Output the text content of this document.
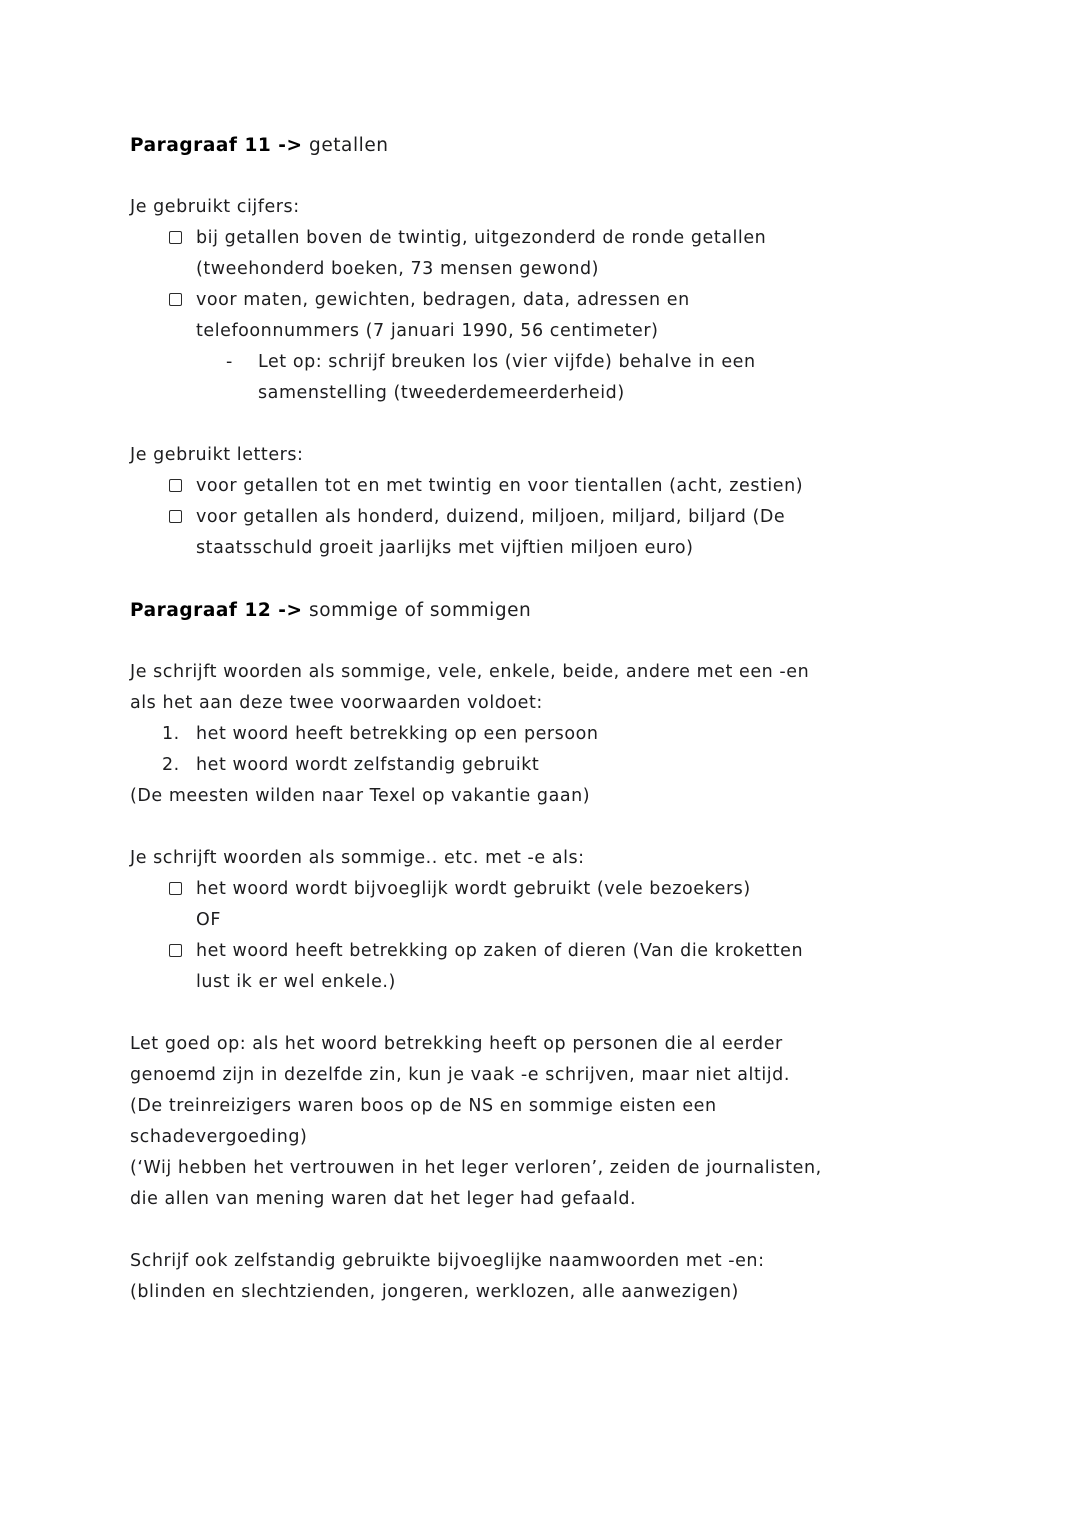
Paragraaf 11 -> getallen
Je gebruikt cijfers:
bij getallen boven de twintig, uitgezonderd de ronde getallen
(tweehonderd boeken, 73 mensen gewond)
voor maten, gewichten, bedragen, data, adressen en
telefoonnummers (7 januari 1990, 56 centimeter)
- Let op: schrijf breuken los (vier vijfde) behalve in een
samenstelling (tweederdemeerderheid)
Je gebruikt letters:
voor getallen tot en met twintig en voor tientallen (acht, zestien)
voor getallen als honderd, duizend, miljoen, miljard, biljard (De
staatsschuld groeit jaarlijks met vijftien miljoen euro)
Paragraaf 12 -> sommige of sommigen
Je schrijft woorden als sommige, vele, enkele, beide, andere met een -en
als het aan deze twee voorwaarden voldoet:
1. het woord heeft betrekking op een persoon
2. het woord wordt zelfstandig gebruikt
(De meesten wilden naar Texel op vakantie gaan)
Je schrijft woorden als sommige.. etc. met -e als:
het woord wordt bijvoeglijk wordt gebruikt (vele bezoekers)
OF
het woord heeft betrekking op zaken of dieren (Van die kroketten
lust ik er wel enkele.)
Let goed op: als het woord betrekking heeft op personen die al eerder
genoemd zijn in dezelfde zin, kun je vaak -e schrijven, maar niet altijd.
(De treinreizigers waren boos op de NS en sommige eisten een
schadevergoeding)
(‘Wij hebben het vertrouwen in het leger verloren’, zeiden de journalisten,
die allen van mening waren dat het leger had gefaald.
Schrijf ook zelfstandig gebruikte bijvoeglijke naamwoorden met -en:
(blinden en slechtzienden, jongeren, werklozen, alle aanwezigen)
